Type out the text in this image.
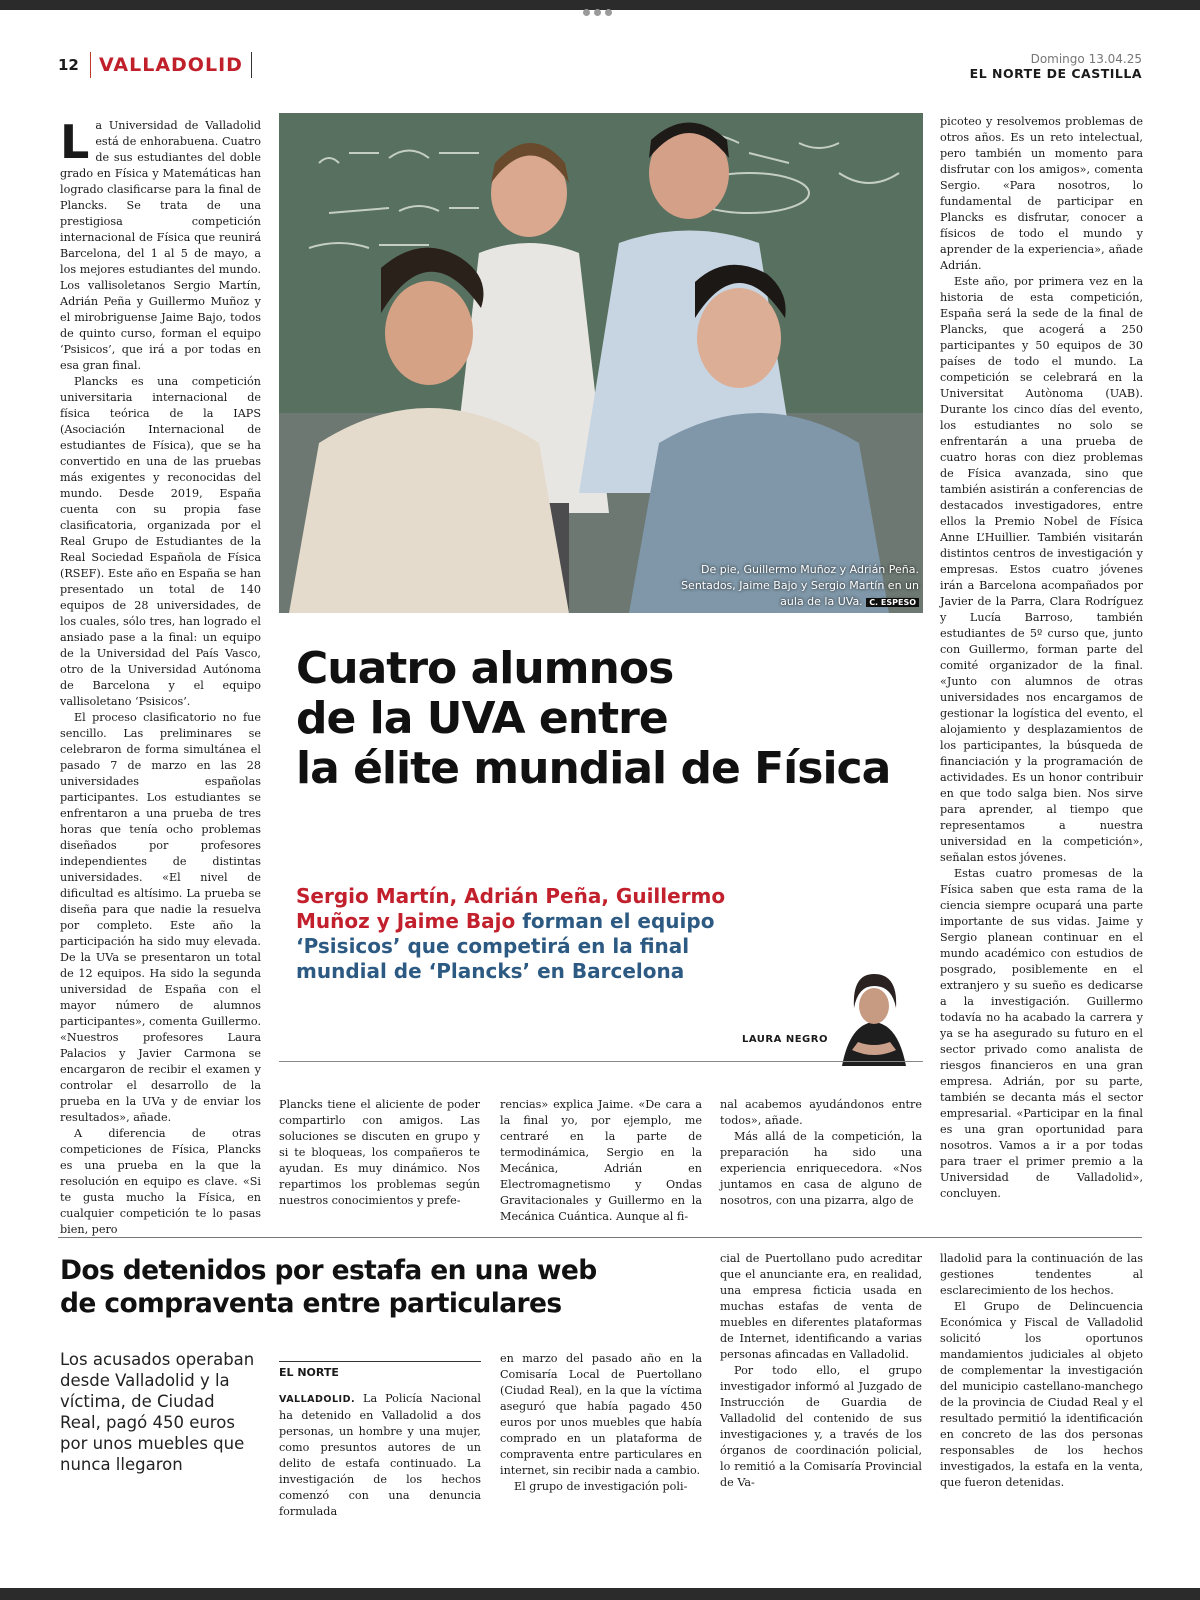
12	VALLADOLID	Domingo 13.04.25
EL NORTE DE CASTILLA

La Universidad de Valladolid está de enhorabuena. Cuatro de sus estudiantes del doble grado en Física y Matemáticas han logrado clasificarse para la final de Plancks. Se trata de una prestigiosa competición internacional de Física que reunirá Barcelona, del 1 al 5 de mayo, a los mejores estudiantes del mundo. Los vallisoletanos Sergio Martín, Adrián Peña y Guillermo Muñoz y el mirobriguense Jaime Bajo, todos de quinto curso, forman el equipo ‘Psisicos’, que irá a por todas en esa gran final.

Plancks es una competición universitaria internacional de física teórica de la IAPS (Asociación Internacional de estudiantes de Física), que se ha convertido en una de las pruebas más exigentes y reconocidas del mundo. Desde 2019, España cuenta con su propia fase clasificatoria, organizada por el Real Grupo de Estudiantes de la Real Sociedad Española de Física (RSEF). Este año en España se han presentado un total de 140 equipos de 28 universidades, de los cuales, sólo tres, han logrado el ansiado pase a la final: un equipo de la Universidad del País Vasco, otro de la Universidad Autónoma de Barcelona y el equipo vallisoletano ‘Psisicos’.

El proceso clasificatorio no fue sencillo. Las preliminares se celebraron de forma simultánea el pasado 7 de marzo en las 28 universidades españolas participantes. Los estudiantes se enfrentaron a una prueba de tres horas que tenía ocho problemas diseñados por profesores independientes de distintas universidades. «El nivel de dificultad es altísimo. La prueba se diseña para que nadie la resuelva por completo. Este año la participación ha sido muy elevada. De la UVa se presentaron un total de 12 equipos. Ha sido la segunda universidad de España con el mayor número de alumnos participantes», comenta Guillermo. «Nuestros profesores Laura Palacios y Javier Carmona se encargaron de recibir el examen y controlar el desarrollo de la prueba en la UVa y de enviar los resultados», añade.

A diferencia de otras competiciones de Física, Plancks es una prueba en la que la resolución en equipo es clave. «Si te gusta mucho la Física, en cualquier competición te lo pasas bien, pero

De pie, Guillermo Muñoz y Adrián Peña.
Sentados, Jaime Bajo y Sergio Martín en un
aula de la UVa. C. ESPESO

picoteo y resolvemos problemas de otros años. Es un reto intelectual, pero también un momento para disfrutar con los amigos», comenta Sergio. «Para nosotros, lo fundamental de participar en Plancks es disfrutar, conocer a físicos de todo el mundo y aprender de la experiencia», añade Adrián.

Este año, por primera vez en la historia de esta competición, España será la sede de la final de Plancks, que acogerá a 250 participantes y 50 equipos de 30 países de todo el mundo. La competición se celebrará en la Universitat Autònoma (UAB). Durante los cinco días del evento, los estudiantes no solo se enfrentarán a una prueba de cuatro horas con diez problemas de Física avanzada, sino que también asistirán a conferencias de destacados investigadores, entre ellos la Premio Nobel de Física Anne L’Huillier. También visitarán distintos centros de investigación y empresas. Estos cuatro jóvenes irán a Barcelona acompañados por Javier de la Parra, Clara Rodríguez y Lucía Barroso, también estudiantes de 5º curso que, junto con Guillermo, forman parte del comité organizador de la final. «Junto con alumnos de otras universidades nos encargamos de gestionar la logística del evento, el alojamiento y desplazamientos de los participantes, la búsqueda de financiación y la programación de actividades. Es un honor contribuir en que todo salga bien. Nos sirve para aprender, al tiempo que representamos a nuestra universidad en la competición», señalan estos jóvenes.

Estas cuatro promesas de la Física saben que esta rama de la ciencia siempre ocupará una parte importante de sus vidas. Jaime y Sergio planean continuar en el mundo académico con estudios de posgrado, posiblemente en el extranjero y su sueño es dedicarse a la investigación. Guillermo todavía no ha acabado la carrera y ya se ha asegurado su futuro en el sector privado como analista de riesgos financieros en una gran empresa. Adrián, por su parte, también se decanta más el sector empresarial. «Participar en la final es una gran oportunidad para nosotros. Vamos a ir a por todas para traer el primer premio a la Universidad de Valladolid», concluyen.

Cuatro alumnos
de la UVA entre
la élite mundial de Física
Sergio Martín, Adrián Peña, Guillermo Muñoz y Jaime Bajo forman el equipo ‘Psisicos’ que competirá en la final mundial de ‘Plancks’ en Barcelona
LAURA NEGRO

Plancks tiene el aliciente de poder compartirlo con amigos. Las soluciones se discuten en grupo y si te bloqueas, los compañeros te ayudan. Es muy dinámico. Nos repartimos los problemas según nuestros conocimientos y prefe-

rencias» explica Jaime. «De cara a la final yo, por ejemplo, me centraré en la parte de termodinámica, Sergio en la Mecánica, Adrián en Electromagnetismo y Ondas Gravitacionales y Guillermo en la Mecánica Cuántica. Aunque al fi-

nal acabemos ayudándonos entre todos», añade.

Más allá de la competición, la preparación ha sido una experiencia enriquecedora. «Nos juntamos en casa de alguno de nosotros, con una pizarra, algo de

Dos detenidos por estafa en una web
de compraventa entre particulares
Los acusados operaban desde Valladolid y la víctima, de Ciudad Real, pagó 450 euros por unos muebles que nunca llegaron
EL NORTE

VALLADOLID. La Policía Nacional ha detenido en Valladolid a dos personas, un hombre y una mujer, como presuntos autores de un delito de estafa continuado. La investigación de los hechos comenzó con una denuncia formulada

en marzo del pasado año en la Comisaría Local de Puertollano (Ciudad Real), en la que la víctima aseguró que había pagado 450 euros por unos muebles que había comprado en un plataforma de compraventa entre particulares en internet, sin recibir nada a cambio.

El grupo de investigación poli-

cial de Puertollano pudo acreditar que el anunciante era, en realidad, una empresa ficticia usada en muchas estafas de venta de muebles en diferentes plataformas de Internet, identificando a varias personas afincadas en Valladolid.

Por todo ello, el grupo investigador informó al Juzgado de Instrucción de Guardia de Valladolid del contenido de sus investigaciones y, a través de los órganos de coordinación policial, lo remitió a la Comisaría Provincial de Va-

lladolid para la continuación de las gestiones tendentes al esclarecimiento de los hechos.

El Grupo de Delincuencia Económica y Fiscal de Valladolid solicitó los oportunos mandamientos judiciales al objeto de complementar la investigación del municipio castellano-manchego de la provincia de Ciudad Real y el resultado permitió la identificación en concreto de las dos personas responsables de los hechos investigados, la estafa en la venta, que fueron detenidas.
